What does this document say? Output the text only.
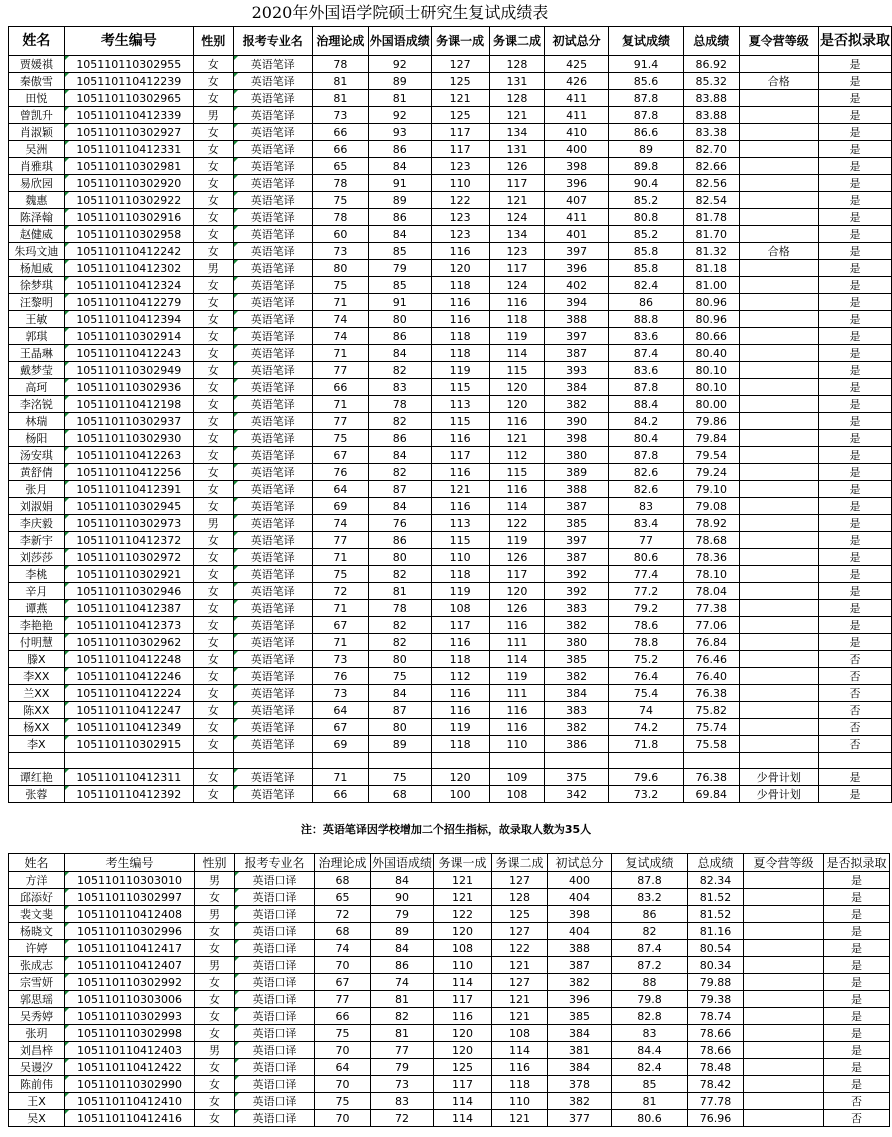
2020年外国语学院硕士研究生复试成绩表
姓名	考生编号	性别	报考专业名	治理论成	外国语成绩	务课一成	务课二成	初试总分	复试成绩	总成绩	夏令营等级	是否拟录取
贾媛祺	105110110302955	女	英语笔译	78	92	127	128	425	91.4	86.92		是
秦傲雪	105110110412239	女	英语笔译	81	89	125	131	426	85.6	85.32	合格	是
田悦	105110110302965	女	英语笔译	81	81	121	128	411	87.8	83.88		是
曾凯升	105110110412339	男	英语笔译	73	92	125	121	411	87.8	83.88		是
肖淑颖	105110110302927	女	英语笔译	66	93	117	134	410	86.6	83.38		是
吴洲	105110110412331	女	英语笔译	66	86	117	131	400	89	82.70		是
肖雅琪	105110110302981	女	英语笔译	65	84	123	126	398	89.8	82.66		是
易欣园	105110110302920	女	英语笔译	78	91	110	117	396	90.4	82.56		是
魏惠	105110110302922	女	英语笔译	75	89	122	121	407	85.2	82.54		是
陈泽翰	105110110302916	女	英语笔译	78	86	123	124	411	80.8	81.78		是
赵健威	105110110302958	女	英语笔译	60	84	123	134	401	85.2	81.70		是
朱玛文迪	105110110412242	女	英语笔译	73	85	116	123	397	85.8	81.32	合格	是
杨旭威	105110110412302	男	英语笔译	80	79	120	117	396	85.8	81.18		是
徐梦琪	105110110412324	女	英语笔译	75	85	118	124	402	82.4	81.00		是
汪黎明	105110110412279	女	英语笔译	71	91	116	116	394	86	80.96		是
王敏	105110110412394	女	英语笔译	74	80	116	118	388	88.8	80.96		是
郭琪	105110110302914	女	英语笔译	74	86	118	119	397	83.6	80.66		是
王晶琳	105110110412243	女	英语笔译	71	84	118	114	387	87.4	80.40		是
戴梦莹	105110110302949	女	英语笔译	77	82	119	115	393	83.6	80.10		是
高珂	105110110302936	女	英语笔译	66	83	115	120	384	87.8	80.10		是
李洺锐	105110110412198	女	英语笔译	71	78	113	120	382	88.4	80.00		是
林瑞	105110110302937	女	英语笔译	77	82	115	116	390	84.2	79.86		是
杨阳	105110110302930	女	英语笔译	75	86	116	121	398	80.4	79.84		是
汤安琪	105110110412263	女	英语笔译	67	84	117	112	380	87.8	79.54		是
黄舒倩	105110110412256	女	英语笔译	76	82	116	115	389	82.6	79.24		是
张月	105110110412391	女	英语笔译	64	87	121	116	388	82.6	79.10		是
刘淑娟	105110110302945	女	英语笔译	69	84	116	114	387	83	79.08		是
李庆毅	105110110302973	男	英语笔译	74	76	113	122	385	83.4	78.92		是
李新宇	105110110412372	女	英语笔译	77	86	115	119	397	77	78.68		是
刘莎莎	105110110302972	女	英语笔译	71	80	110	126	387	80.6	78.36		是
李桃	105110110302921	女	英语笔译	75	82	118	117	392	77.4	78.10		是
辛月	105110110302946	女	英语笔译	72	81	119	120	392	77.2	78.04		是
谭燕	105110110412387	女	英语笔译	71	78	108	126	383	79.2	77.38		是
李艳艳	105110110412373	女	英语笔译	67	82	117	116	382	78.6	77.06		是
付明慧	105110110302962	女	英语笔译	71	82	116	111	380	78.8	76.84		是
滕X	105110110412248	女	英语笔译	73	80	118	114	385	75.2	76.46		否
李XX	105110110412246	女	英语笔译	76	75	112	119	382	76.4	76.40		否
兰XX	105110110412224	女	英语笔译	73	84	116	111	384	75.4	76.38		否
陈XX	105110110412247	女	英语笔译	64	87	116	116	383	74	75.82		否
杨XX	105110110412349	女	英语笔译	67	80	119	116	382	74.2	75.74		否
李X	105110110302915	女	英语笔译	69	89	118	110	386	71.8	75.58		否

谭红艳	105110110412311	女	英语笔译	71	75	120	109	375	79.6	76.38	少骨计划	是
张蓉	105110110412392	女	英语笔译	66	68	100	108	342	73.2	69.84	少骨计划	是
注：英语笔译因学校增加二个招生指标，故录取人数为35人
姓名	考生编号	性别	报考专业名	治理论成	外国语成绩	务课一成	务课二成	初试总分	复试成绩	总成绩	夏令营等级	是否拟录取
方洋	105110110303010	男	英语口译	68	84	121	127	400	87.8	82.34		是
邱添好	105110110302997	女	英语口译	65	90	121	128	404	83.2	81.52		是
裴文斐	105110110412408	男	英语口译	72	79	122	125	398	86	81.52		是
杨晓文	105110110302996	女	英语口译	68	89	120	127	404	82	81.16		是
许婷	105110110412417	女	英语口译	74	84	108	122	388	87.4	80.54		是
张成志	105110110412407	男	英语口译	70	86	110	121	387	87.2	80.34		是
宗雪妍	105110110302992	女	英语口译	67	74	114	127	382	88	79.88		是
郭思瑶	105110110303006	女	英语口译	77	81	117	121	396	79.8	79.38		是
吴秀婷	105110110302993	女	英语口译	66	82	116	121	385	82.8	78.74		是
张玥	105110110302998	女	英语口译	75	81	120	108	384	83	78.66		是
刘昌梓	105110110412403	男	英语口译	70	77	120	114	381	84.4	78.66		是
吴谩汐	105110110412422	女	英语口译	64	79	125	116	384	82.4	78.48		是
陈前伟	105110110302990	女	英语口译	70	73	117	118	378	85	78.42		是
王X	105110110412410	女	英语口译	75	83	114	110	382	81	77.78		否
吴X	105110110412416	女	英语口译	70	72	114	121	377	80.6	76.96		否
